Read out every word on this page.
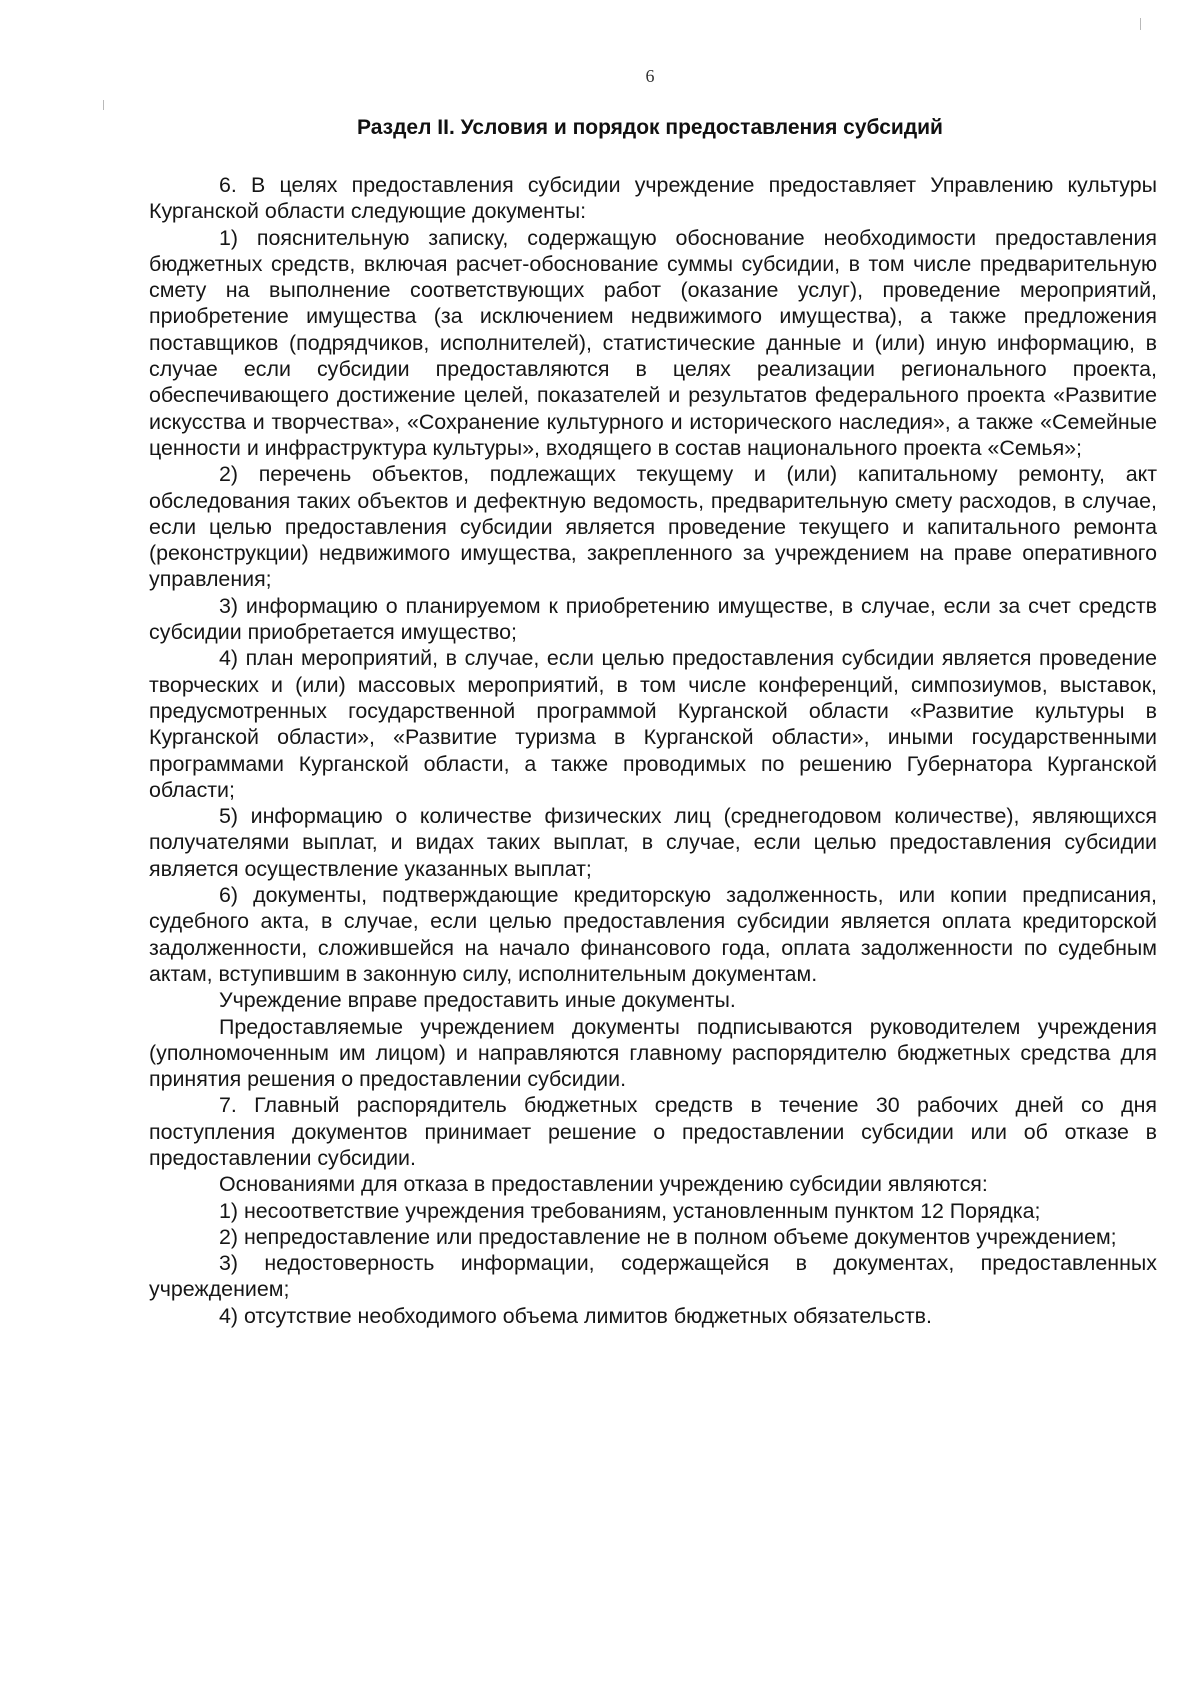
6
Раздел II. Условия и порядок предоставления субсидий

6. В целях предоставления субсидии учреждение предоставляет Управлению культуры Курганской области следующие документы:

1) пояснительную записку, содержащую обоснование необходимости предоставления бюджетных средств, включая расчет-обоснование суммы субсидии, в том числе предварительную смету на выполнение соответствующих работ (оказание услуг), проведение мероприятий, приобретение имущества (за исключением недвижимого имущества), а также предложения поставщиков (подрядчиков, исполнителей), статистические данные и (или) иную информацию, в случае если субсидии предоставляются в целях реализации регионального проекта, обеспечивающего достижение целей, показателей и результатов федерального проекта «Развитие искусства и творчества», «Сохранение культурного и исторического наследия», а также «Семейные ценности и инфраструктура культуры», входящего в состав национального проекта «Семья»;

2) перечень объектов, подлежащих текущему и (или) капитальному ремонту, акт обследования таких объектов и дефектную ведомость, предварительную смету расходов, в случае, если целью предоставления субсидии является проведение текущего и капитального ремонта (реконструкции) недвижимого имущества, закрепленного за учреждением на праве оперативного управления;

3) информацию о планируемом к приобретению имуществе, в случае, если за счет средств субсидии приобретается имущество;

4) план мероприятий, в случае, если целью предоставления субсидии является проведение творческих и (или) массовых мероприятий, в том числе конференций, симпозиумов, выставок, предусмотренных государственной программой Курганской области «Развитие культуры в Курганской области», «Развитие туризма в Курганской области», иными государственными программами Курганской области, а также проводимых по решению Губернатора Курганской области;

5) информацию о количестве физических лиц (среднегодовом количестве), являющихся получателями выплат, и видах таких выплат, в случае, если целью предоставления субсидии является осуществление указанных выплат;

6) документы, подтверждающие кредиторскую задолженность, или копии предписания, судебного акта, в случае, если целью предоставления субсидии является оплата кредиторской задолженности, сложившейся на начало финансового года, оплата задолженности по судебным актам, вступившим в законную силу, исполнительным документам.

Учреждение вправе предоставить иные документы.

Предоставляемые учреждением документы подписываются руководителем учреждения (уполномоченным им лицом) и направляются главному распорядителю бюджетных средства для принятия решения о предоставлении субсидии.

7. Главный распорядитель бюджетных средств в течение 30 рабочих дней со дня поступления документов принимает решение о предоставлении субсидии или об отказе в предоставлении субсидии.

Основаниями для отказа в предоставлении учреждению субсидии являются:

1) несоответствие учреждения требованиям, установленным пунктом 12 Порядка;

2) непредоставление или предоставление не в полном объеме документов учреждением;

3) недостоверность информации, содержащейся в документах, предоставленных учреждением;

4) отсутствие необходимого объема лимитов бюджетных обязательств.
